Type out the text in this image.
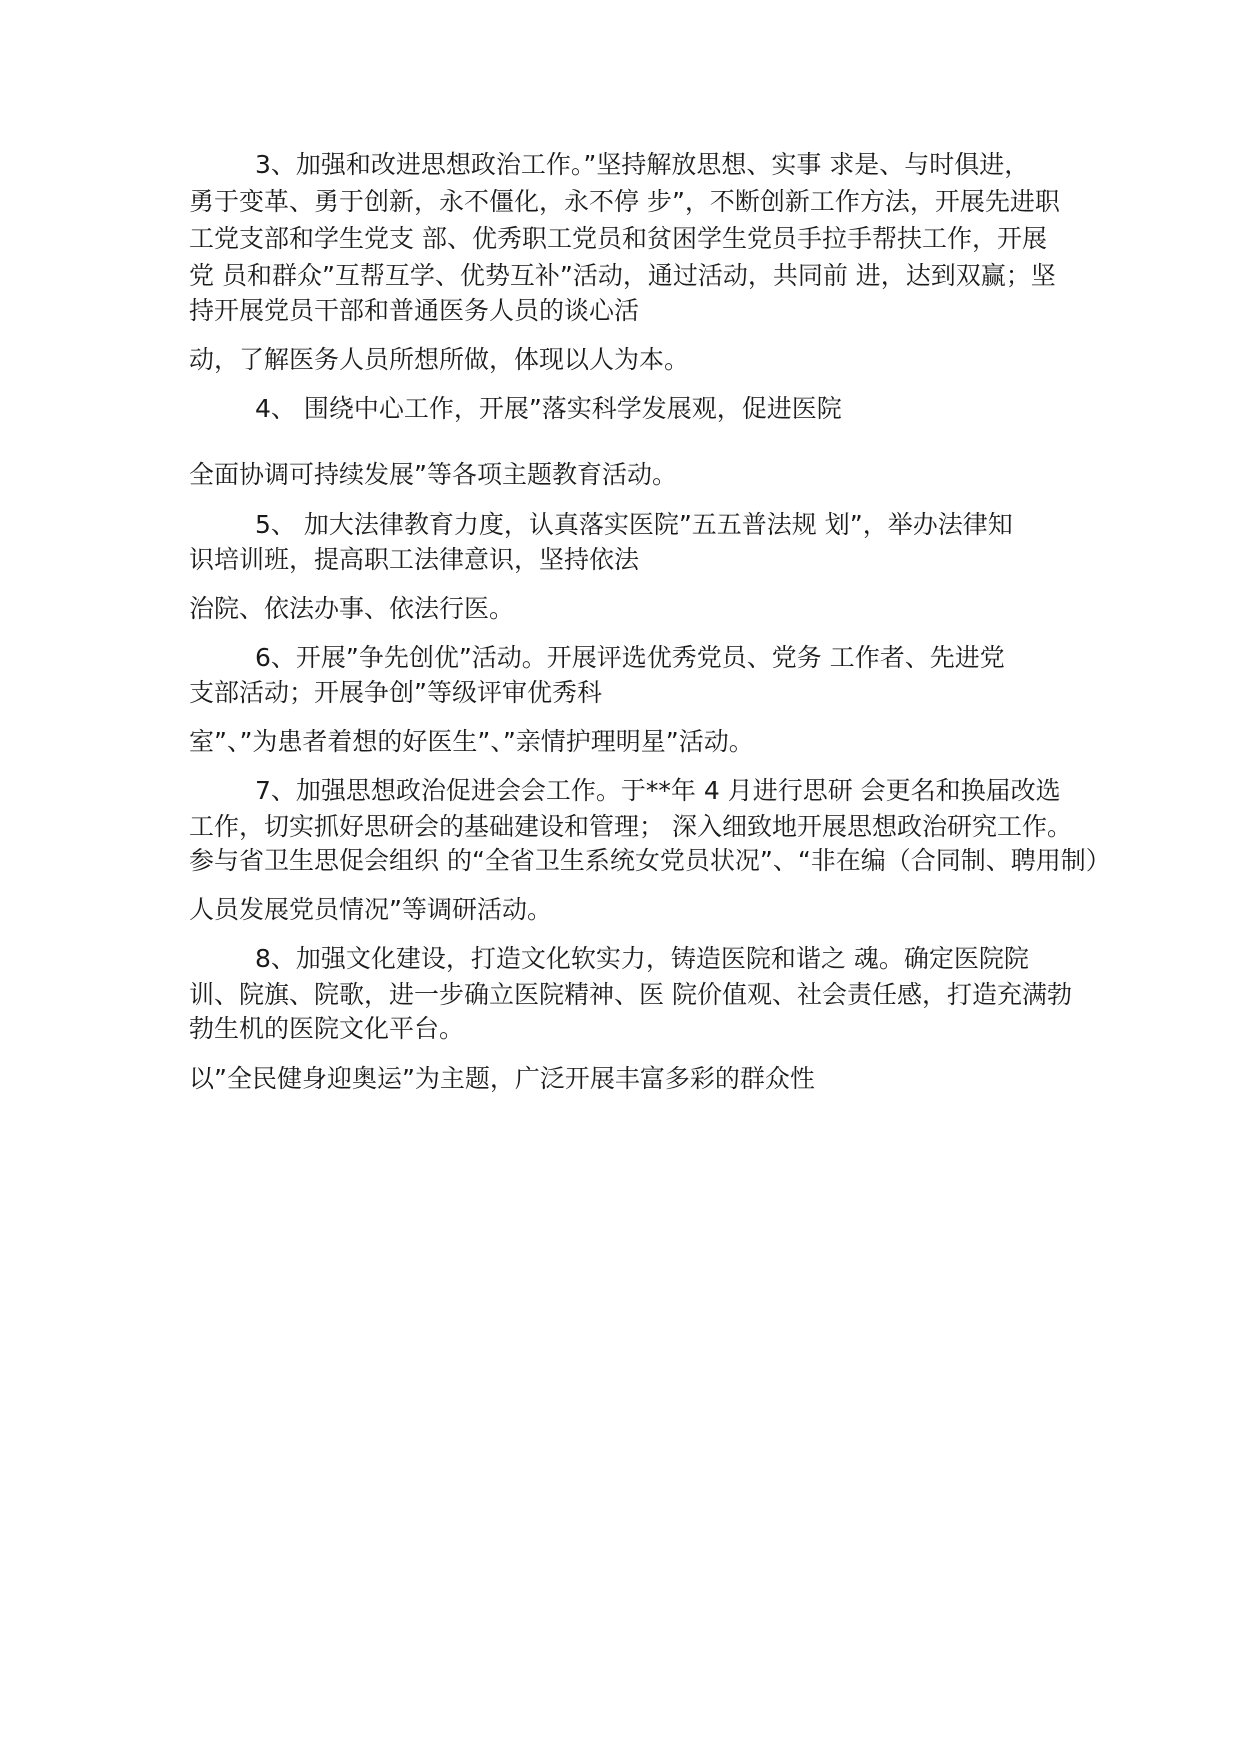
3、加强和改进思想政治工作。”坚持解放思想、实事 求是、与时俱进，
勇于变革、勇于创新，永不僵化，永不停 步”，不断创新工作方法，开展先进职
工党支部和学生党支 部、优秀职工党员和贫困学生党员手拉手帮扶工作，开展
党 员和群众”互帮互学、优势互补”活动，通过活动，共同前 进，达到双赢；坚
持开展党员干部和普通医务人员的谈心活
动，了解医务人员所想所做，体现以人为本。
4、 围绕中心工作，开展”落实科学发展观，促进医院
全面协调可持续发展”等各项主题教育活动。
5、 加大法律教育力度，认真落实医院”五五普法规 划”，举办法律知
识培训班，提高职工法律意识，坚持依法
治院、依法办事、依法行医。
6、开展”争先创优”活动。开展评选优秀党员、党务 工作者、先进党
支部活动；开展争创”等级评审优秀科
室”、”为患者着想的好医生”、”亲情护理明星”活动。
7、加强思想政治促进会会工作。于**年 4 月进行思研 会更名和换届改选
工作，切实抓好思研会的基础建设和管理； 深入细致地开展思想政治研究工作。
参与省卫生思促会组织 的“全省卫生系统女党员状况”、“非在编（合同制、聘用制）
人员发展党员情况”等调研活动。
8、加强文化建设，打造文化软实力，铸造医院和谐之 魂。确定医院院
训、院旗、院歌，进一步确立医院精神、医 院价值观、社会责任感，打造充满勃
勃生机的医院文化平台。
以”全民健身迎奥运”为主题，广泛开展丰富多彩的群众性
